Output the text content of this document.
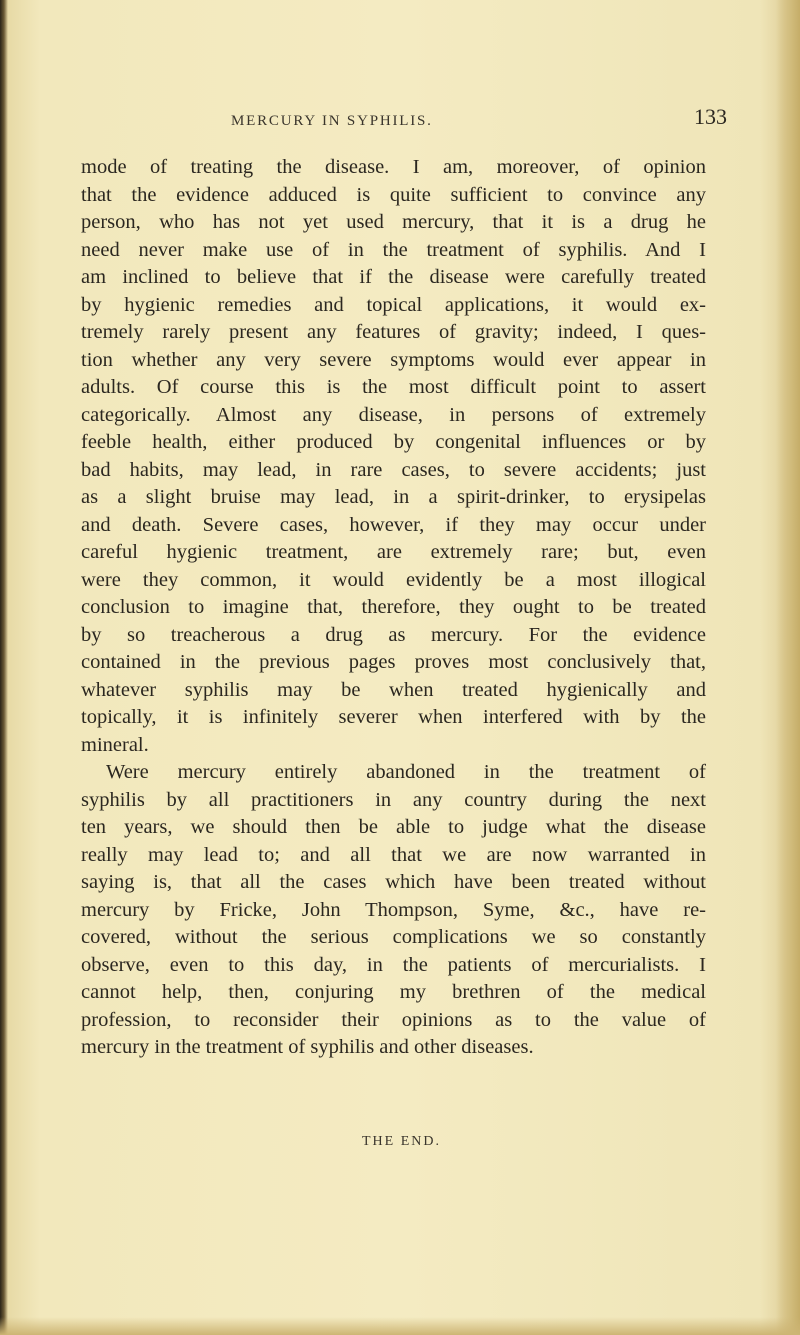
MERCURY IN SYPHILIS.	133
mode of treating the disease. I am, moreover, of opinion
that the evidence adduced is quite sufficient to convince any
person, who has not yet used mercury, that it is a drug he
need never make use of in the treatment of syphilis. And I
am inclined to believe that if the disease were carefully treated
by hygienic remedies and topical applications, it would ex-
tremely rarely present any features of gravity; indeed, I ques-
tion whether any very severe symptoms would ever appear in
adults. Of course this is the most difficult point to assert
categorically. Almost any disease, in persons of extremely
feeble health, either produced by congenital influences or by
bad habits, may lead, in rare cases, to severe accidents; just
as a slight bruise may lead, in a spirit-drinker, to erysipelas
and death. Severe cases, however, if they may occur under
careful hygienic treatment, are extremely rare; but, even
were they common, it would evidently be a most illogical
conclusion to imagine that, therefore, they ought to be treated
by so treacherous a drug as mercury. For the evidence
contained in the previous pages proves most conclusively that,
whatever syphilis may be when treated hygienically and
topically, it is infinitely severer when interfered with by the
mineral.
Were mercury entirely abandoned in the treatment of
syphilis by all practitioners in any country during the next
ten years, we should then be able to judge what the disease
really may lead to; and all that we are now warranted in
saying is, that all the cases which have been treated without
mercury by Fricke, John Thompson, Syme, &c., have re-
covered, without the serious complications we so constantly
observe, even to this day, in the patients of mercurialists. I
cannot help, then, conjuring my brethren of the medical
profession, to reconsider their opinions as to the value of
mercury in the treatment of syphilis and other diseases.
THE END.
